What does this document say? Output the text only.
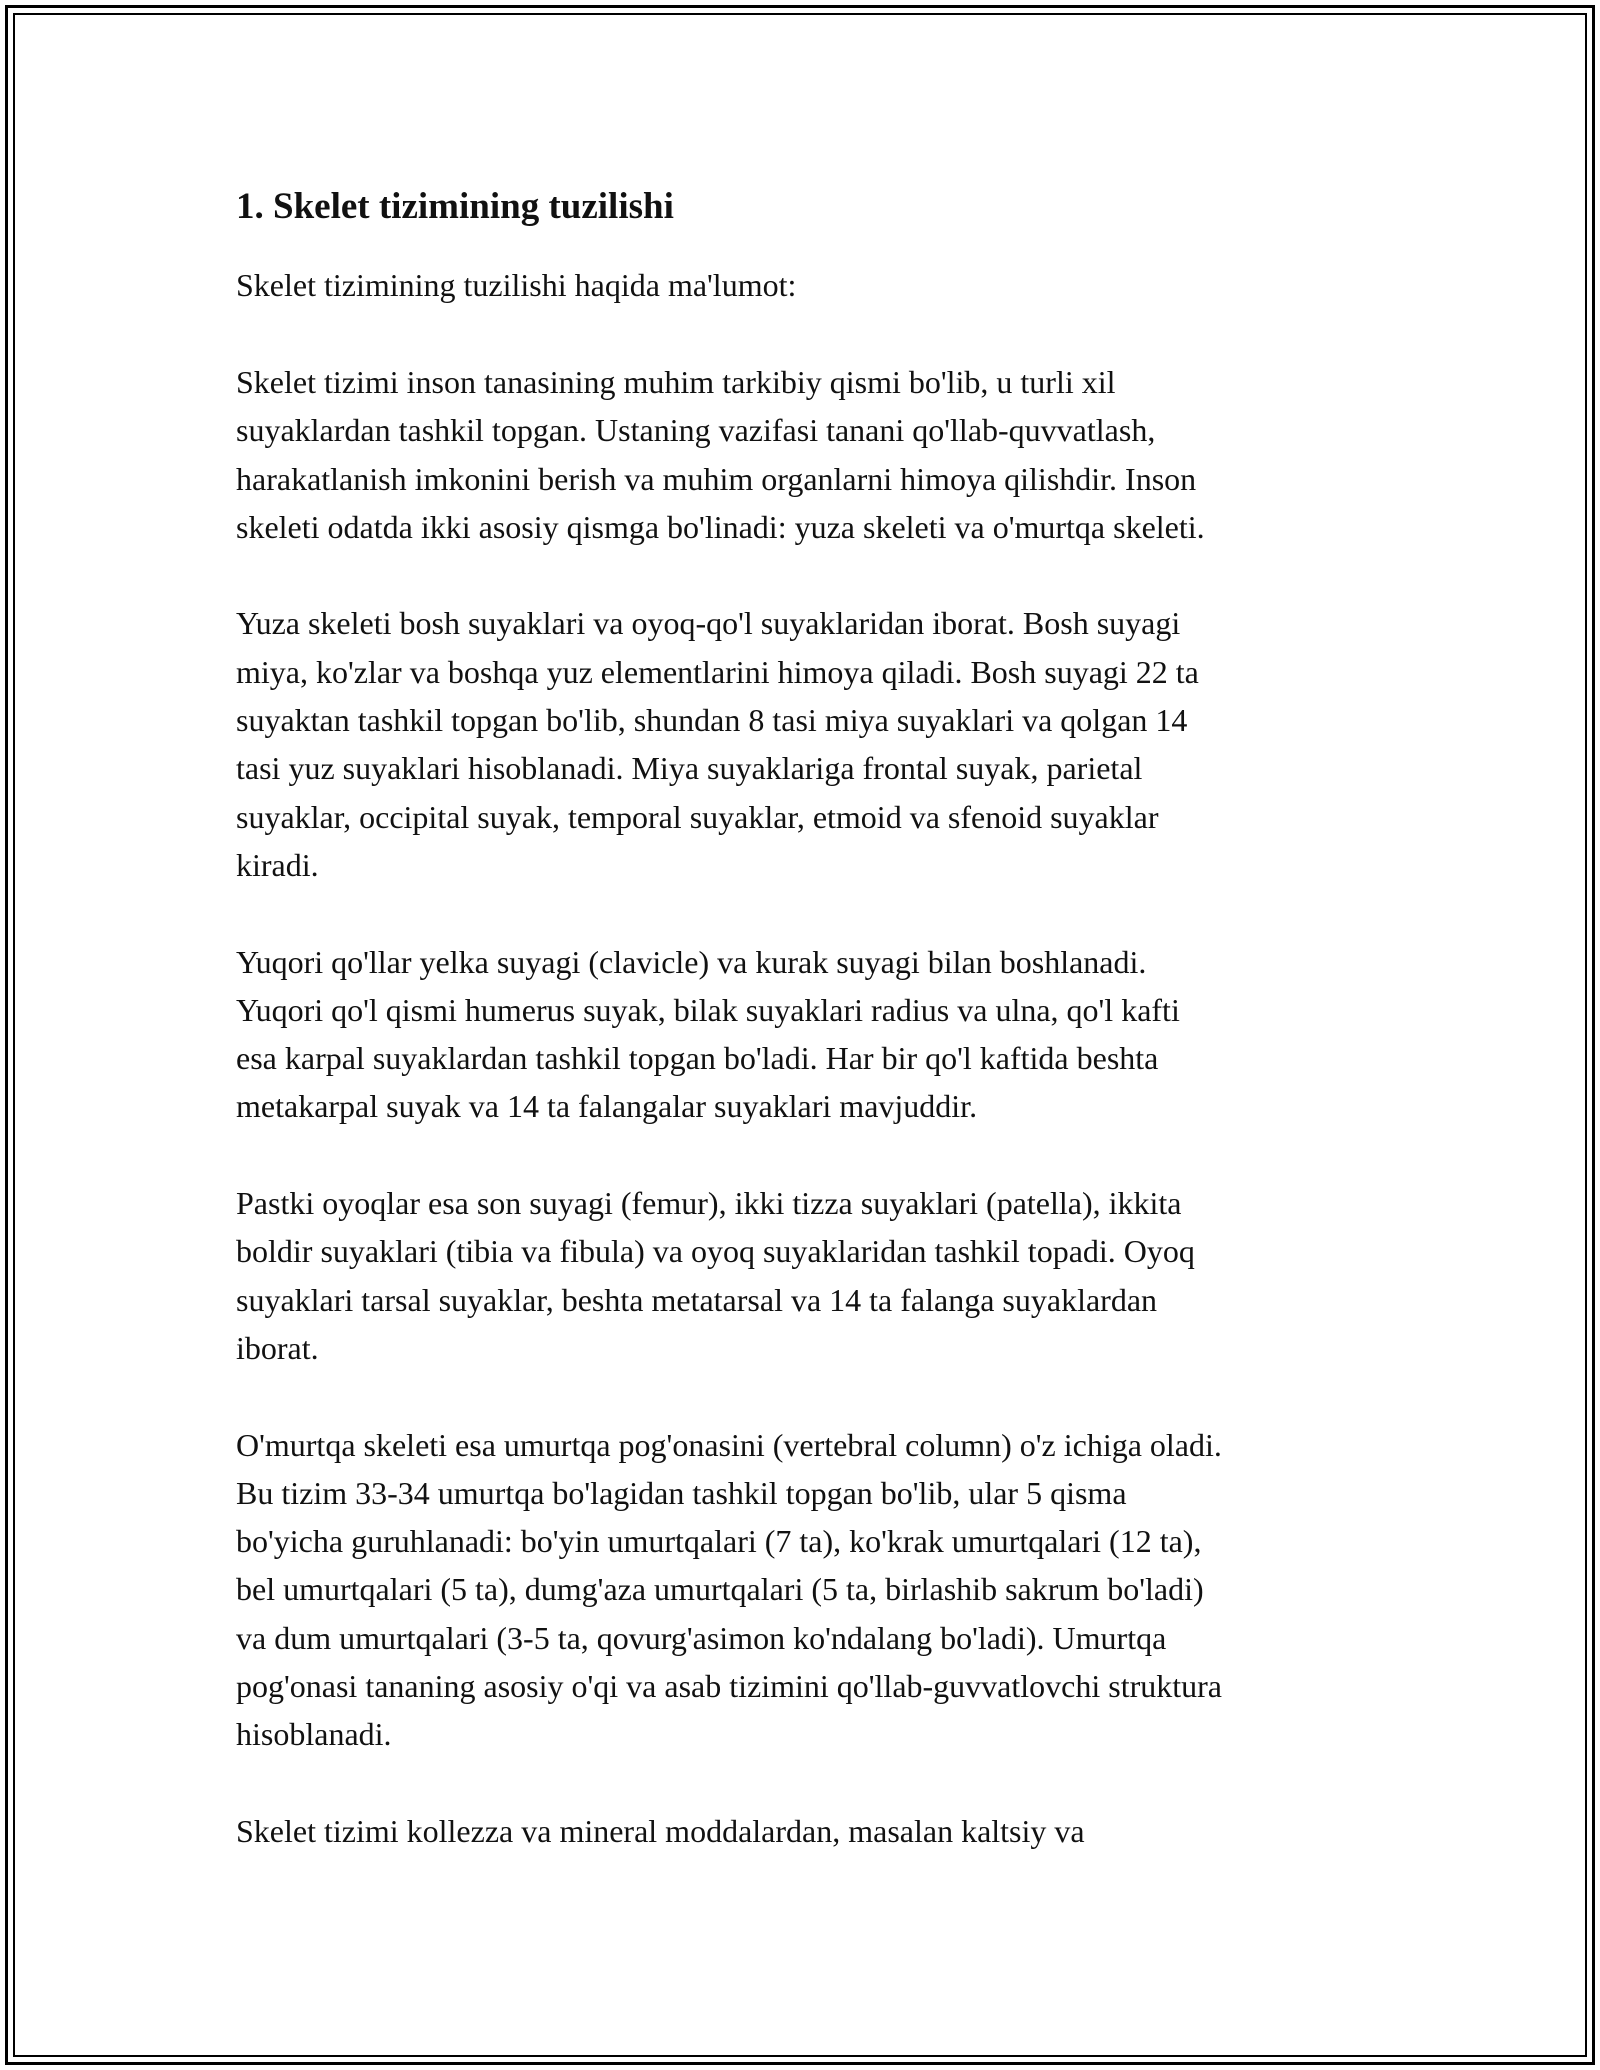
1. Skelet tizimining tuzilishi

Skelet tizimining tuzilishi haqida ma'lumot:

Skelet tizimi inson tanasining muhim tarkibiy qismi bo'lib, u turli xil
suyaklardan tashkil topgan. Ustaning vazifasi tanani qo'llab-quvvatlash,
harakatlanish imkonini berish va muhim organlarni himoya qilishdir. Inson
skeleti odatda ikki asosiy qismga bo'linadi: yuza skeleti va o'murtqa skeleti.

Yuza skeleti bosh suyaklari va oyoq-qo'l suyaklaridan iborat. Bosh suyagi
miya, ko'zlar va boshqa yuz elementlarini himoya qiladi. Bosh suyagi 22 ta
suyaktan tashkil topgan bo'lib, shundan 8 tasi miya suyaklari va qolgan 14
tasi yuz suyaklari hisoblanadi. Miya suyaklariga frontal suyak, parietal
suyaklar, occipital suyak, temporal suyaklar, etmoid va sfenoid suyaklar
kiradi.

Yuqori qo'llar yelka suyagi (clavicle) va kurak suyagi bilan boshlanadi.
Yuqori qo'l qismi humerus suyak, bilak suyaklari radius va ulna, qo'l kafti
esa karpal suyaklardan tashkil topgan bo'ladi. Har bir qo'l kaftida beshta
metakarpal suyak va 14 ta falangalar suyaklari mavjuddir.

Pastki oyoqlar esa son suyagi (femur), ikki tizza suyaklari (patella), ikkita
boldir suyaklari (tibia va fibula) va oyoq suyaklaridan tashkil topadi. Oyoq
suyaklari tarsal suyaklar, beshta metatarsal va 14 ta falanga suyaklardan
iborat.

O'murtqa skeleti esa umurtqa pog'onasini (vertebral column) o'z ichiga oladi.
Bu tizim 33-34 umurtqa bo'lagidan tashkil topgan bo'lib, ular 5 qisma
bo'yicha guruhlanadi: bo'yin umurtqalari (7 ta), ko'krak umurtqalari (12 ta),
bel umurtqalari (5 ta), dumg'aza umurtqalari (5 ta, birlashib sakrum bo'ladi)
va dum umurtqalari (3-5 ta, qovurg'asimon ko'ndalang bo'ladi). Umurtqa
pog'onasi tananing asosiy o'qi va asab tizimini qo'llab-guvvatlovchi struktura
hisoblanadi.

Skelet tizimi kollezza va mineral moddalardan, masalan kaltsiy va
